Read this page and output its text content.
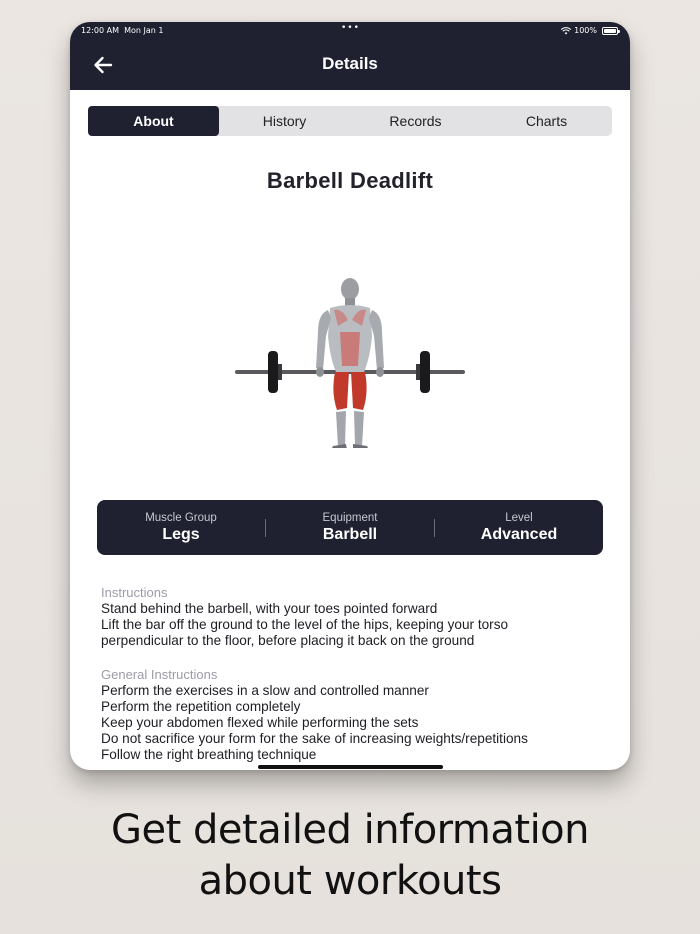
12:00 AM Mon Jan 1	•••	100%
Details
About	History	Records	Charts
Barbell Deadlift
Muscle Group
Legs
Equipment
Barbell
Level
Advanced
Instructions
Stand behind the barbell, with your toes pointed forward
Lift the bar off the ground to the level of the hips, keeping your torso
perpendicular to the floor, before placing it back on the ground
General Instructions
Perform the exercises in a slow and controlled manner
Perform the repetition completely
Keep your abdomen flexed while performing the sets
Do not sacrifice your form for the sake of increasing weights/repetitions
Follow the right breathing technique
Get detailed information
about workouts
